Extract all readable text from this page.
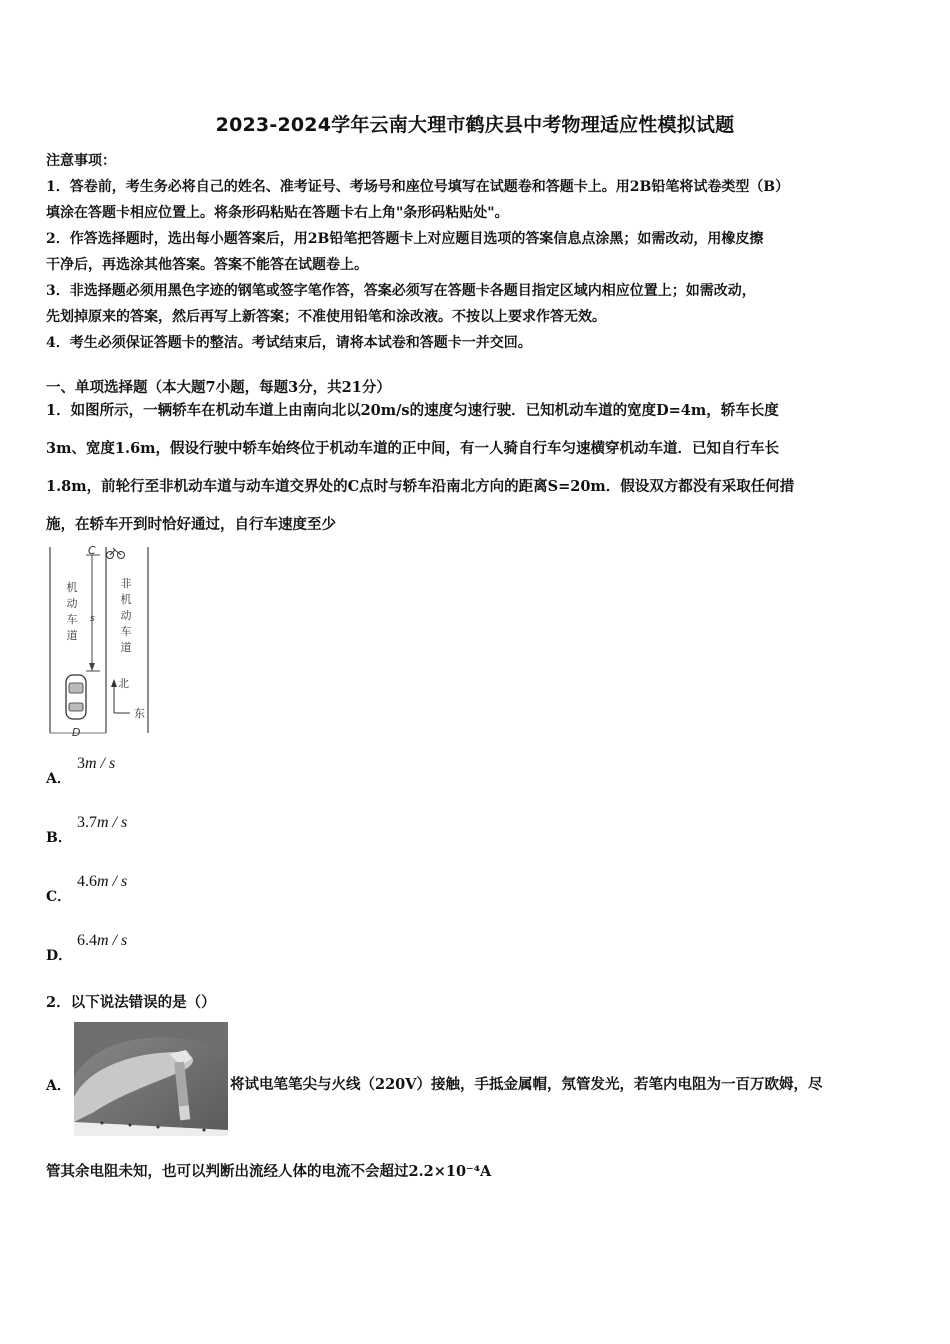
2023-2024学年云南大理市鹤庆县中考物理适应性模拟试题

注意事项：

1．答卷前，考生务必将自己的姓名、准考证号、考场号和座位号填写在试题卷和答题卡上。用2B铅笔将试卷类型（B）

填涂在答题卡相应位置上。将条形码粘贴在答题卡右上角"条形码粘贴处"。

2．作答选择题时，选出每小题答案后，用2B铅笔把答题卡上对应题目选项的答案信息点涂黑；如需改动，用橡皮擦

干净后，再选涂其他答案。答案不能答在试题卷上。

3．非选择题必须用黑色字迹的钢笔或签字笔作答，答案必须写在答题卡各题目指定区域内相应位置上；如需改动，

先划掉原来的答案，然后再写上新答案；不准使用铅笔和涂改液。不按以上要求作答无效。

4．考生必须保证答题卡的整洁。考试结束后，请将本试卷和答题卡一并交回。

一、单项选择题（本大题7小题，每题3分，共21分）

1．如图所示，一辆轿车在机动车道上由南向北以20m/s的速度匀速行驶．已知机动车道的宽度D=4m，轿车长度

3m、宽度1.6m，假设行驶中轿车始终位于机动车道的正中间，有一人骑自行车匀速横穿机动车道．已知自行车长

1.8m，前轮行至非机动车道与动车道交界处的C点时与轿车沿南北方向的距离S=20m．假设双方都没有采取任何措

施，在轿车开到时恰好通过，自行车速度至少

C
s
机
动
车
道
非
机
动
车
道
北
东
D
A．
3m / s
B．
3.7m / s
C．
4.6m / s
D．
6.4m / s
2．以下说法错误的是（）
A．	将试电笔笔尖与火线（220V）接触，手抵金属帽，氖管发光，若笔内电阻为一百万欧姆，尽
管其余电阻未知，也可以判断出流经人体的电流不会超过2.2×10⁻⁴A
